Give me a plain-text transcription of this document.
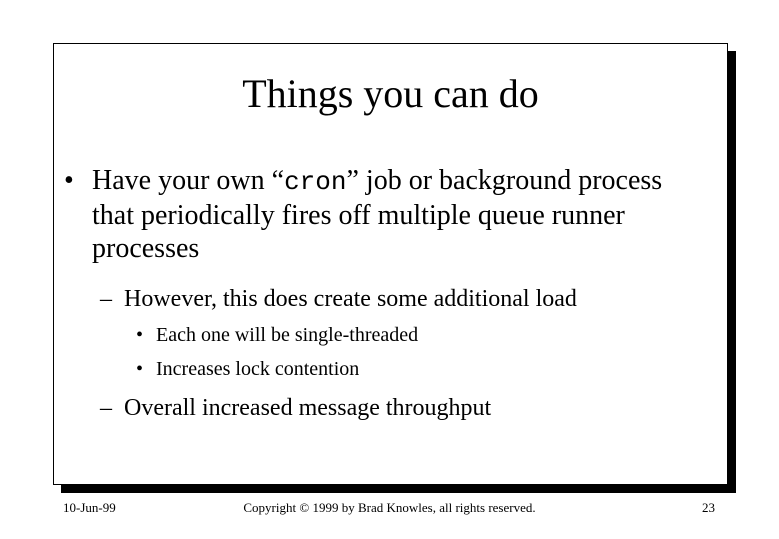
Things you can do
• Have your own “cron” job or background process that periodically fires off multiple queue runner processes
– However, this does create some additional load
• Each one will be single-threaded
• Increases lock contention
– Overall increased message throughput
10-Jun-99	Copyright © 1999 by Brad Knowles, all rights reserved.	23
